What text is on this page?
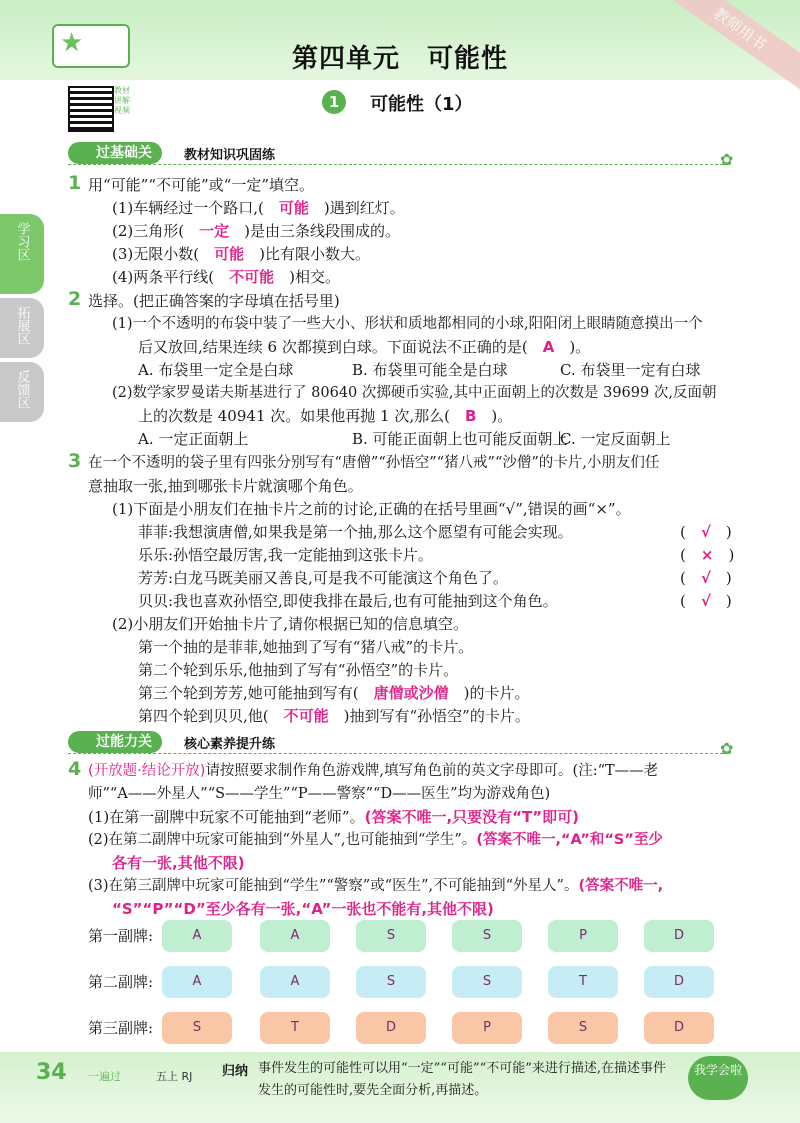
★
第四单元　可能性
教师用书
教材讲解视频	1	可能性（1）
学习区
拓展区
反馈区
过基础关	教材知识巩固练	✿
1 用“可能”“不可能”或“一定”填空。
(1)车辆经过一个路口,(　可能　)遇到红灯。
(2)三角形(　一定　)是由三条线段围成的。
(3)无限小数(　可能　)比有限小数大。
(4)两条平行线(　不可能　)相交。
2 选择。(把正确答案的字母填在括号里)
(1)一个不透明的布袋中装了一些大小、形状和质地都相同的小球,阳阳闭上眼睛随意摸出一个
后又放回,结果连续 6 次都摸到白球。下面说法不正确的是(　A　)。
A. 布袋里一定全是白球	B. 布袋里可能全是白球	C. 布袋里一定有白球
(2)数学家罗曼诺夫斯基进行了 80640 次掷硬币实验,其中正面朝上的次数是 39699 次,反面朝
上的次数是 40941 次。如果他再抛 1 次,那么(　B　)。
A. 一定正面朝上	B. 可能正面朝上也可能反面朝上
C. 一定反面朝上
3 在一个不透明的袋子里有四张分别写有“唐僧”“孙悟空”“猪八戒”“沙僧”的卡片,小朋友们任
意抽取一张,抽到哪张卡片就演哪个角色。
(1)下面是小朋友们在抽卡片之前的讨论,正确的在括号里画“√”,错误的画“×”。
菲菲:我想演唐僧,如果我是第一个抽,那么这个愿望有可能会实现。	(　√　)
乐乐:孙悟空最厉害,我一定能抽到这张卡片。	(　×　)
芳芳:白龙马既美丽又善良,可是我不可能演这个角色了。	(　√　)
贝贝:我也喜欢孙悟空,即使我排在最后,也有可能抽到这个角色。	(　√　)
(2)小朋友们开始抽卡片了,请你根据已知的信息填空。
第一个抽的是菲菲,她抽到了写有“猪八戒”的卡片。
第二个轮到乐乐,他抽到了写有“孙悟空”的卡片。
第三个轮到芳芳,她可能抽到写有(　唐僧或沙僧　)的卡片。
第四个轮到贝贝,他(　不可能　)抽到写有“孙悟空”的卡片。
过能力关	核心素养提升练	✿
4 (开放题·结论开放)请按照要求制作角色游戏牌,填写角色前的英文字母即可。(注:“T——老
师”“A——外星人”“S——学生”“P——警察”“D——医生”均为游戏角色)
(1)在第一副牌中玩家不可能抽到“老师”。(答案不唯一,只要没有“T”即可)
(2)在第二副牌中玩家可能抽到“外星人”,也可能抽到“学生”。(答案不唯一,“A”和“S”至少
各有一张,其他不限)
(3)在第三副牌中玩家可能抽到“学生”“警察”或“医生”,不可能抽到“外星人”。(答案不唯一,
“S”“P”“D”至少各有一张,“A”一张也不能有,其他不限)
第一副牌:	A	A	S	S	P	D
第二副牌:	A	A	S	S	T	D
第三副牌:	S	T	D	P	S	D
34 一遍过	五上 RJ 归纳 事件发生的可能性可以用“一定”“可能”“不可能”来进行描述,在描述事件发生的可能性时,要先全面分析,再描述。
我学会啦
